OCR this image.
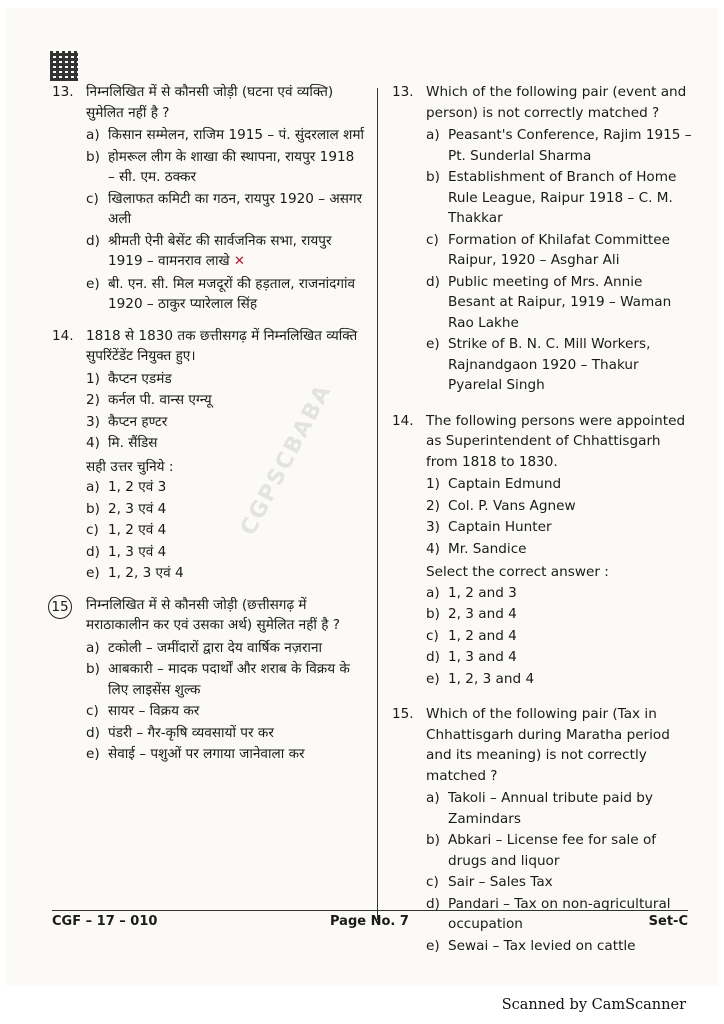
CGPSCBABA
13. निम्नलिखित में से कौनसी जोड़ी (घटना एवं व्यक्ति) सुमेलित नहीं है ?
a) किसान सम्मेलन, राजिम 1915 – पं. सुंदरलाल शर्मा
b) होमरूल लीग के शाखा की स्थापना, रायपुर 1918 – सी. एम. ठक्कर
c) खिलाफत कमिटी का गठन, रायपुर 1920 – असगर अली
d) श्रीमती ऐनी बेसेंट की सार्वजनिक सभा, रायपुर 1919 – वामनराव लाखे ✕
e) बी. एन. सी. मिल मजदूरों की हड़ताल, राजनांदगांव 1920 – ठाकुर प्यारेलाल सिंह
14. 1818 से 1830 तक छत्तीसगढ़ में निम्नलिखित व्यक्ति सुपरिंटेंडेंट नियुक्त हुए।
1) कैप्टन एडमंड
2) कर्नल पी. वान्स एग्न्यू
3) कैप्टन हण्टर
4) मि. सैंडिस
सही उत्तर चुनिये :
a) 1, 2 एवं 3
b) 2, 3 एवं 4
c) 1, 2 एवं 4
d) 1, 3 एवं 4
e) 1, 2, 3 एवं 4
15	निम्नलिखित में से कौनसी जोड़ी (छत्तीसगढ़ में मराठाकालीन कर एवं उसका अर्थ) सुमेलित नहीं है ?
a) टकोली – जमींदारों द्वारा देय वार्षिक नज़राना
b) आबकारी – मादक पदार्थों और शराब के विक्रय के लिए लाइसेंस शुल्क
c) सायर – विक्रय कर
d) पंडरी – गैर-कृषि व्यवसायों पर कर
e) सेवाई – पशुओं पर लगाया जानेवाला कर
13. Which of the following pair (event and person) is not correctly matched ?
a) Peasant's Conference, Rajim 1915 – Pt. Sunderlal Sharma
b) Establishment of Branch of Home Rule League, Raipur 1918 – C. M. Thakkar
c) Formation of Khilafat Committee Raipur, 1920 – Asghar Ali
d) Public meeting of Mrs. Annie Besant at Raipur, 1919 – Waman Rao Lakhe
e) Strike of B. N. C. Mill Workers, Rajnandgaon 1920 – Thakur Pyarelal Singh
14. The following persons were appointed as Superintendent of Chhattisgarh from 1818 to 1830.
1) Captain Edmund
2) Col. P. Vans Agnew
3) Captain Hunter
4) Mr. Sandice
Select the correct answer :
a) 1, 2 and 3
b) 2, 3 and 4
c) 1, 2 and 4
d) 1, 3 and 4
e) 1, 2, 3 and 4
15. Which of the following pair (Tax in Chhattisgarh during Maratha period and its meaning) is not correctly matched ?
a) Takoli – Annual tribute paid by Zamindars
b) Abkari – License fee for sale of drugs and liquor
c) Sair – Sales Tax
d) Pandari – Tax on non-agricultural occupation
e) Sewai – Tax levied on cattle
CGF – 17 – 010	Page No. 7	Set-C
Scanned by CamScanner
